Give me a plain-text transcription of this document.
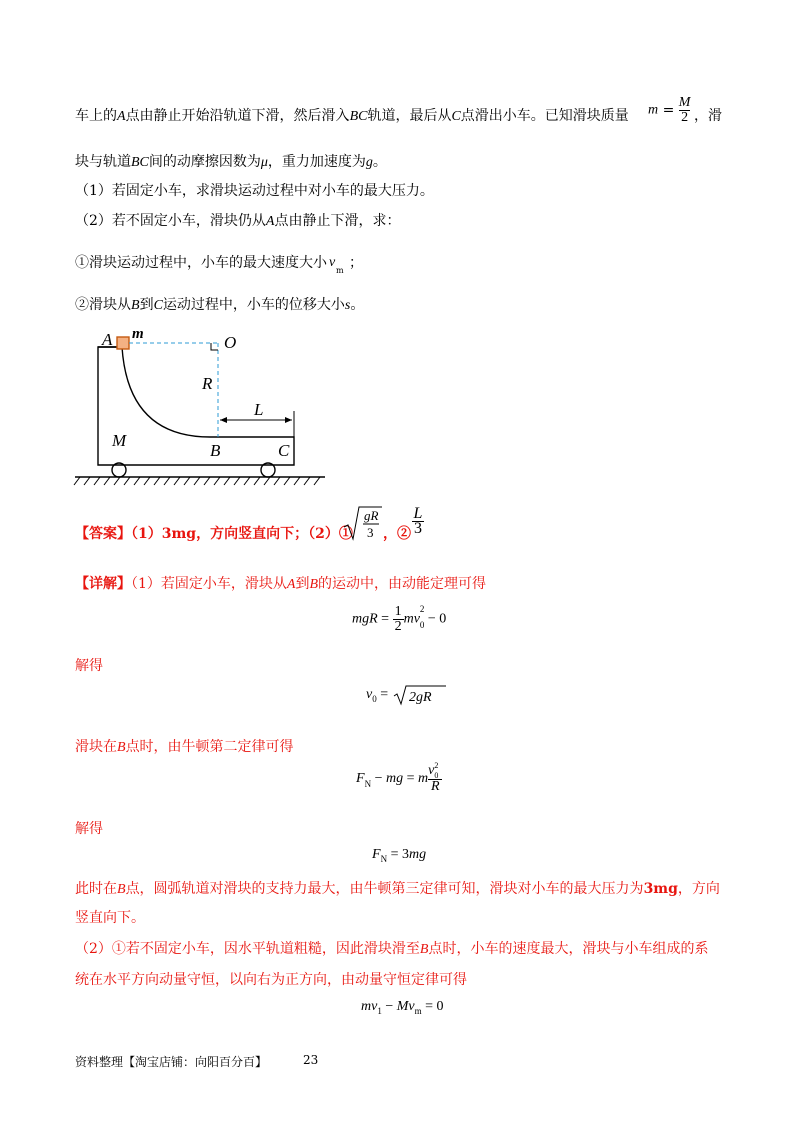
车上的A点由静止开始沿轨道下滑，然后滑入BC轨道，最后从C点滑出小车。已知滑块质量 $m = \frac{M}{2}$ ，滑
块与轨道BC间的动摩擦因数为μ，重力加速度为g。
（1）若固定小车，求滑块运动过程中对小车的最大压力。
（2）若不固定小车，滑块仍从A点由静止下滑，求：
①滑块运动过程中，小车的最大速度大小 v
m ；
②滑块从B到C运动过程中，小车的位移大小s。
A m	O
R
L
M
B	C
【答案】（1）3mg，方向竖直向下；（2）①
gR
3 ，② $\frac{L}{3}$
【详解】（1）若固定小车，滑块从A到B的运动中，由动能定理可得
mgR = $\frac{1}{2}$ mv
2
$_0$ − 0
解得
$v_0 = 2gR$
滑块在B点时，由牛顿第二定律可得
$F_N$ − mg = m $\frac{v_0^2}{R}$
解得
$F_N = 3mg$
此时在B点，圆弧轨道对滑块的支持力最大，由牛顿第三定律可知，滑块对小车的最大压力为3mg，方向
竖直向下。
（2）①若不固定小车，因水平轨道粗糙，因此滑块滑至B点时，小车的速度最大，滑块与小车组成的系
统在水平方向动量守恒，以向右为正方向，由动量守恒定律可得
$mv_1 - Mv_m = 0$
资料整理【淘宝店铺：向阳百分百】	23
